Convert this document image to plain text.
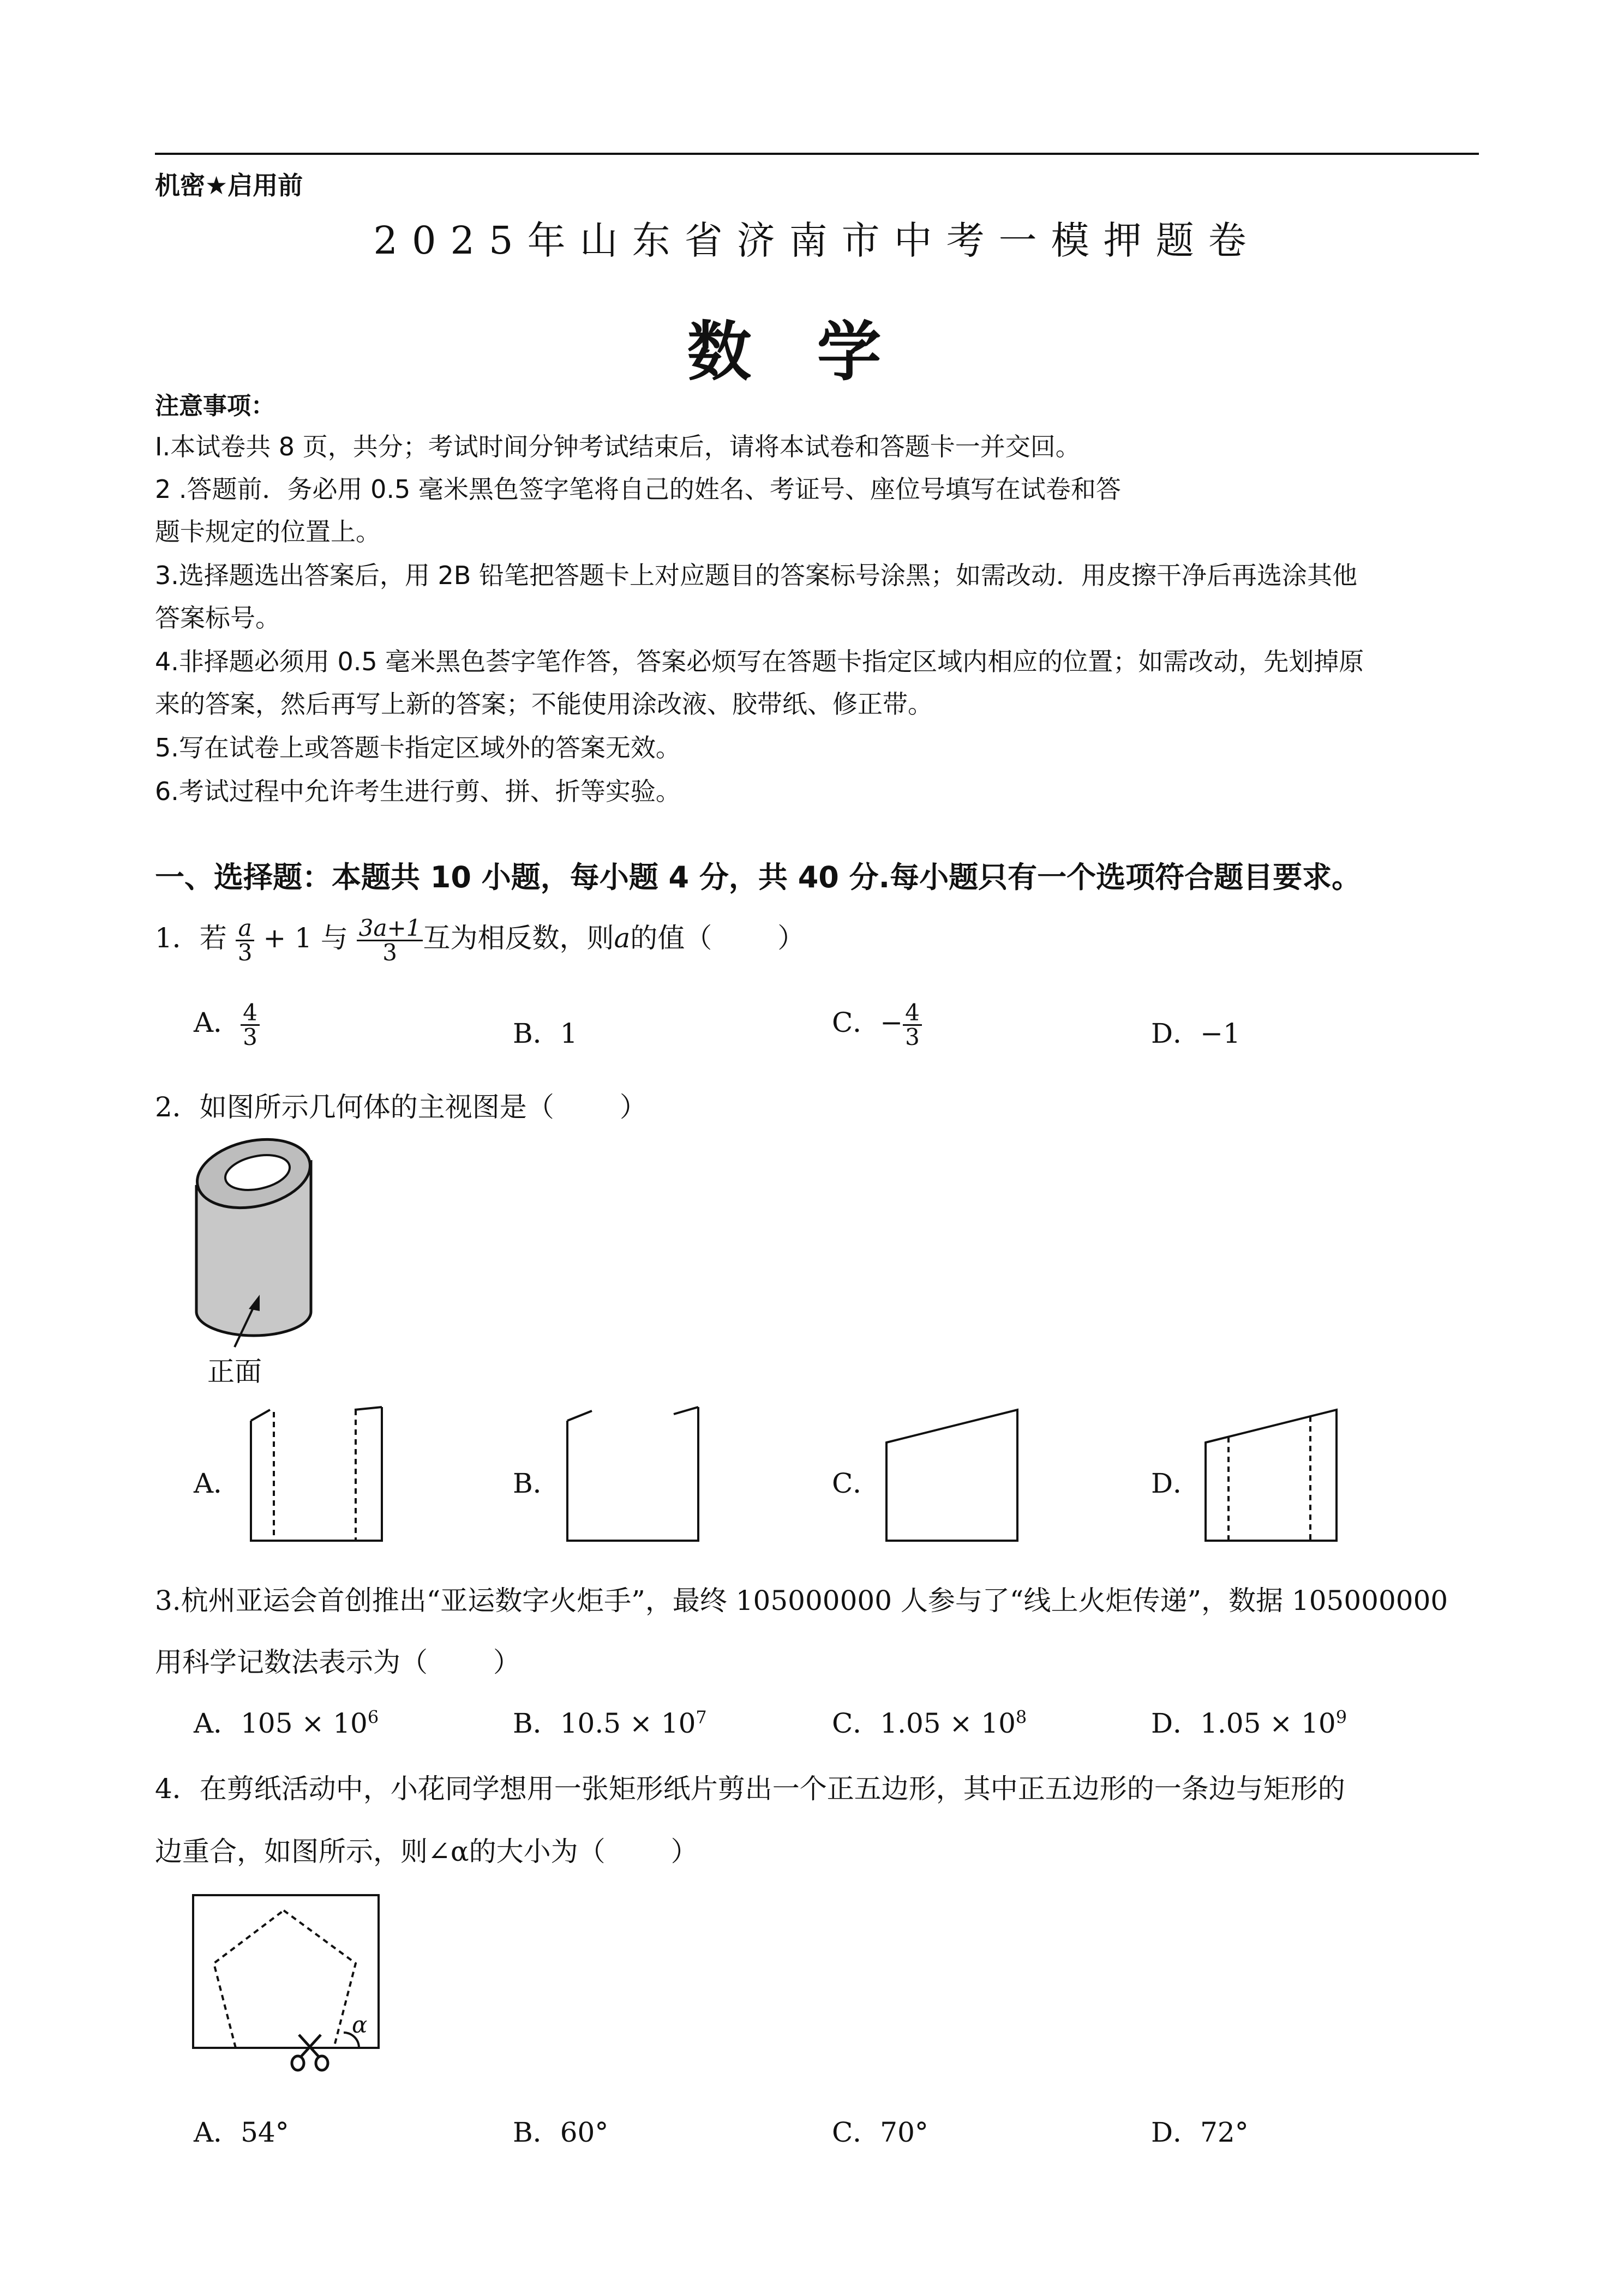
机密★启用前
2025年山东省济南市中考一模押题卷
数学
注意事项：
Ⅰ.本试卷共 8 页，共分；考试时间分钟考试结束后，请将本试卷和答题卡一并交回。
2 .答题前．务必用 0.5 毫米黑色签字笔将自己的姓名、考证号、座位号填写在试卷和答
题卡规定的位置上。
3.选择题选出答案后，用 2B 铅笔把答题卡上对应题目的答案标号涂黑；如需改动．用皮擦干净后再选涂其他
答案标号。
4.非择题必须用 0.5 毫米黑色荟字笔作答，答案必烦写在答题卡指定区域内相应的位置；如需改动，先划掉原
来的答案，然后再写上新的答案；不能使用涂改液、胶带纸、修正带。
5.写在试卷上或答题卡指定区域外的答案无效。
6.考试过程中允许考生进行剪、拼、折等实验。
一、选择题：本题共 10 小题，每小题 4 分，共 40 分.每小题只有一个选项符合题目要求。
1．若 $\frac{a}{3} + 1$ 与 $\frac{3a+1}{3}$ 互为相反数，则a的值（ ）
A． $\frac{4}{3}$	B．1	C．− $\frac{4}{3}$	D．−1
2．如图所示几何体的主视图是（ ）
正面
A．	B．	C．	D．
3.杭州亚运会首创推出“亚运数字火炬手”，最终 105000000 人参与了“线上火炬传递”，数据 105000000
用科学记数法表示为（ ）
A．$105 \times 10^6$	B．$10.5 \times 10^7$	C．$1.05 \times 10^8$	D．$1.05 \times 10^9$
4．在剪纸活动中，小花同学想用一张矩形纸片剪出一个正五边形，其中正五边形的一条边与矩形的
边重合，如图所示，则∠α的大小为（ ）
α
A．54°	B．60°	C．70°	D．72°
